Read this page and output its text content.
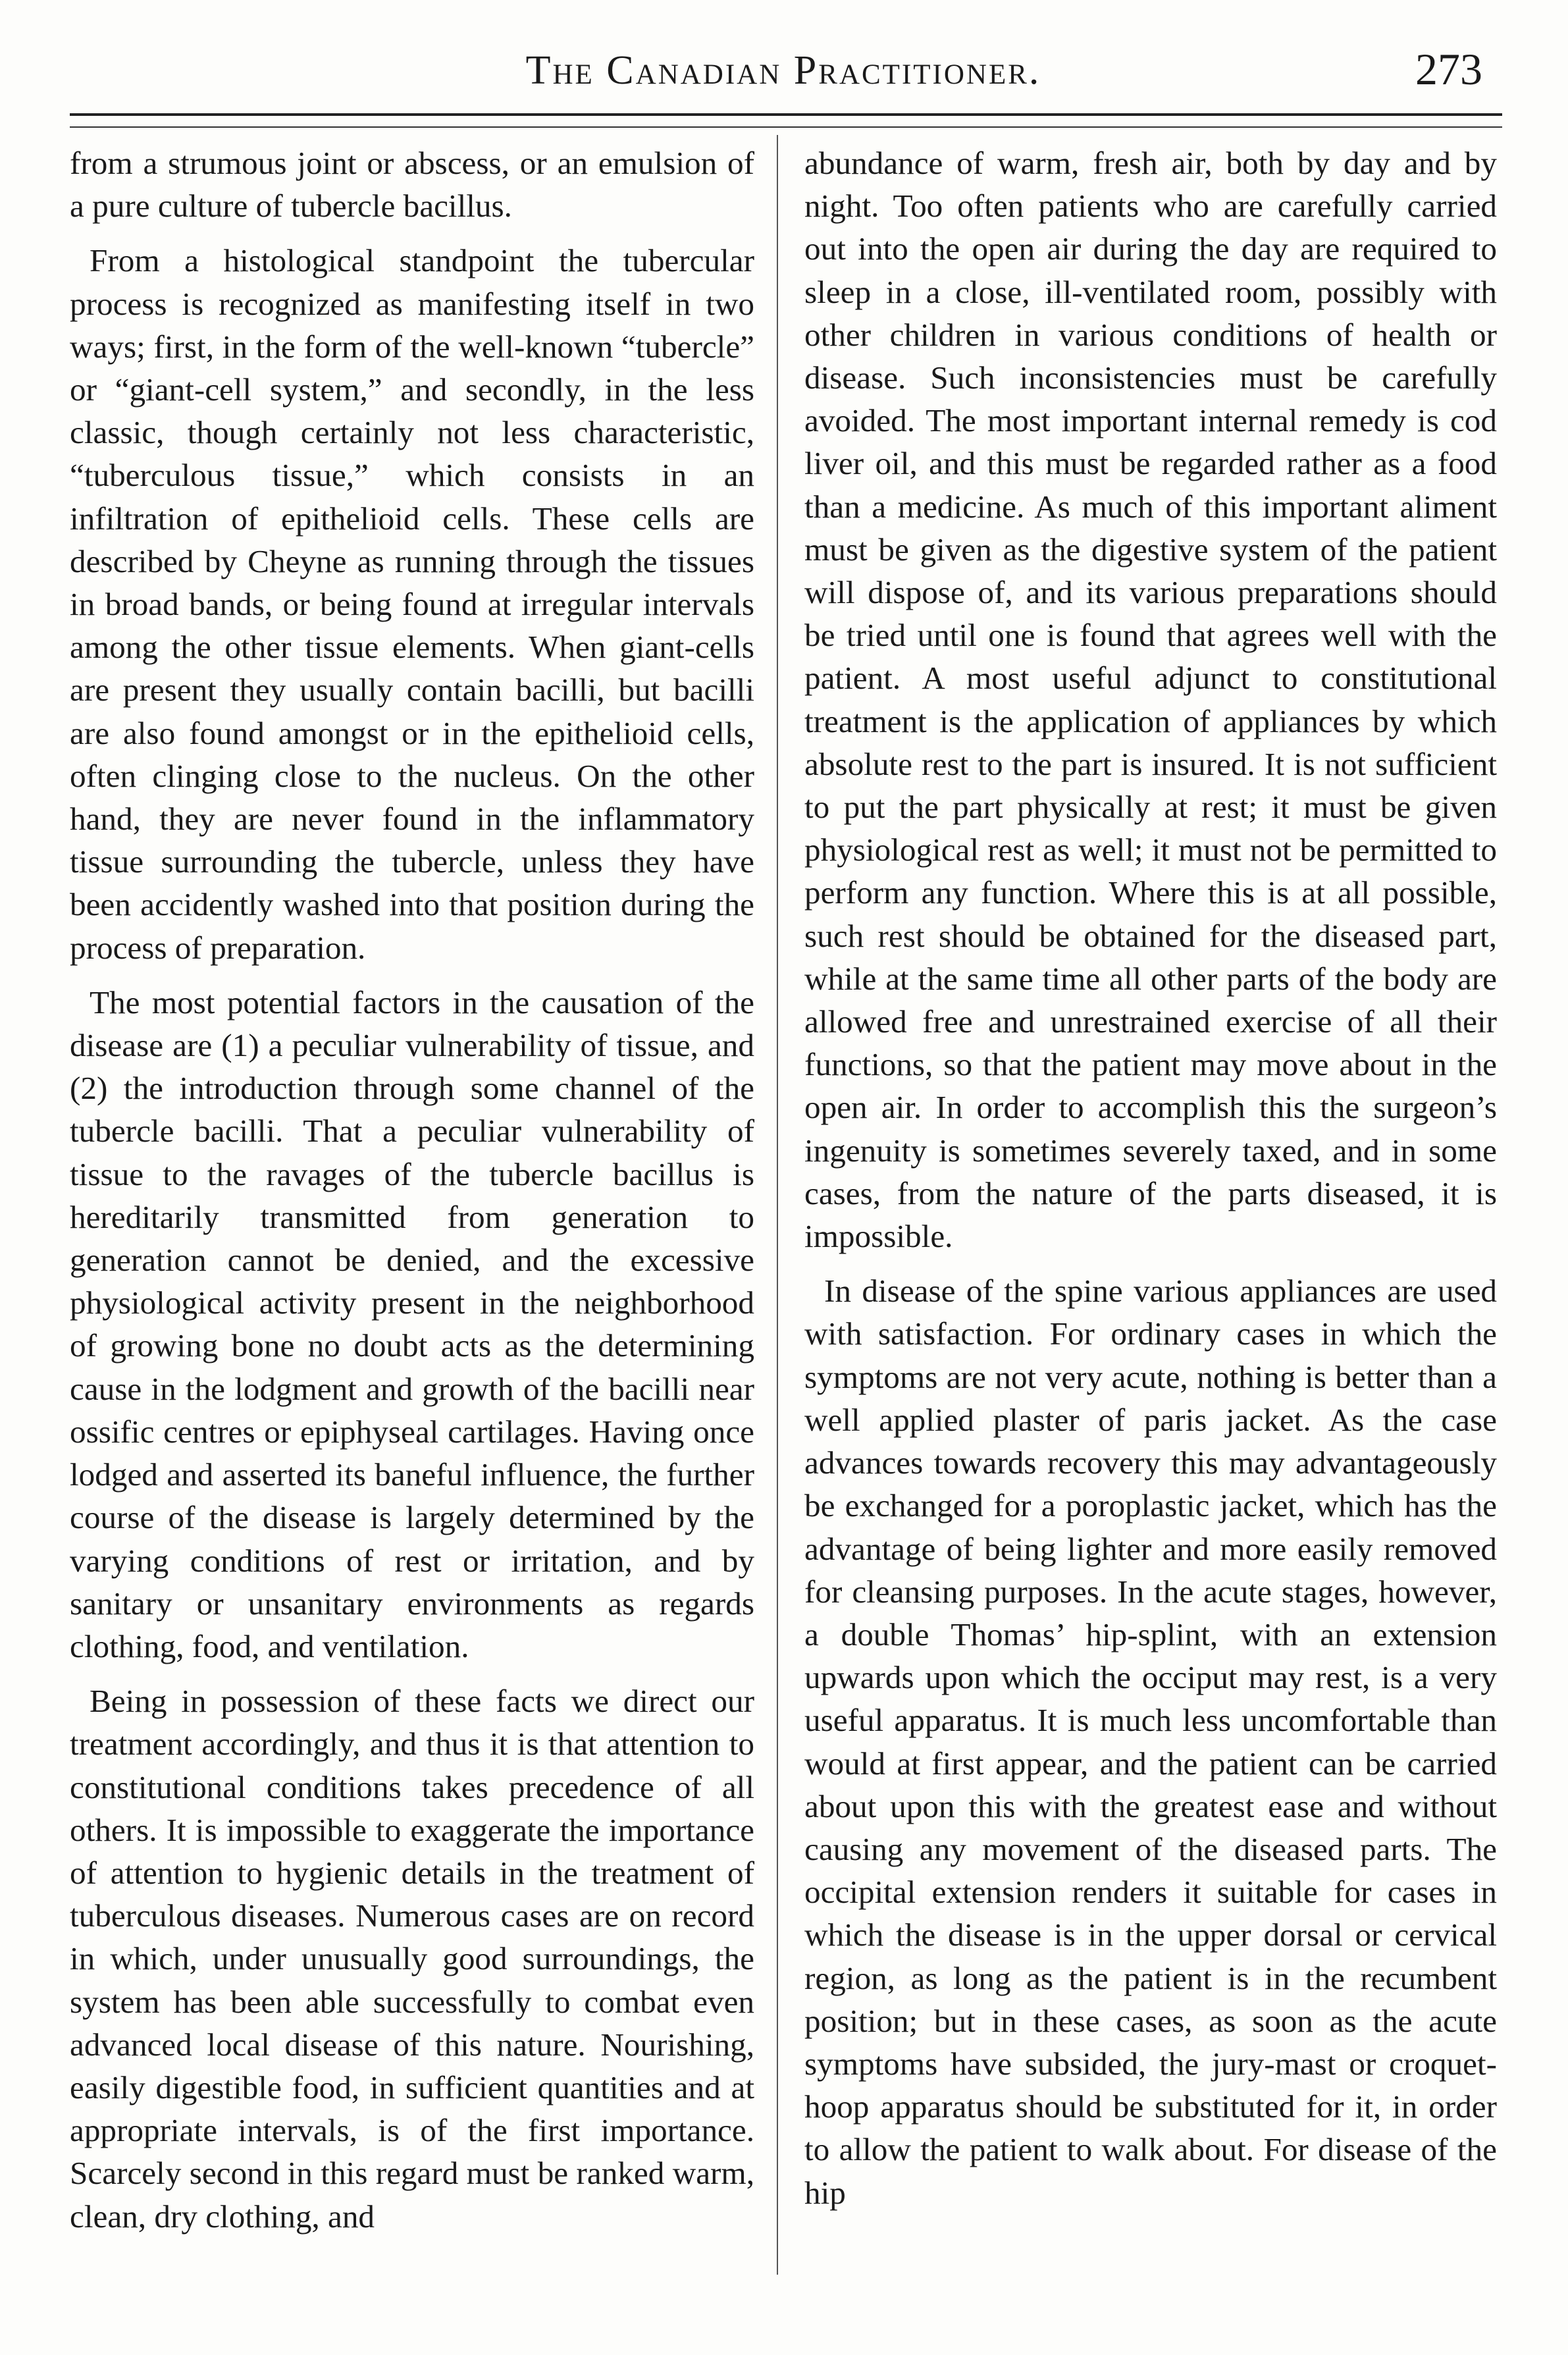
The Canadian Practitioner.	273

from a strumous joint or abscess, or an emulsion of a pure culture of tubercle bacillus.

From a histological standpoint the tubercular process is recognized as manifesting itself in two ways; first, in the form of the well-known “tubercle” or “giant-cell system,” and secondly, in the less classic, though certainly not less characteristic, “tuberculous tissue,” which consists in an infiltration of epithelioid cells. These cells are described by Cheyne as running through the tissues in broad bands, or being found at irregular intervals among the other tissue elements. When giant-cells are present they usually contain bacilli, but bacilli are also found amongst or in the epithelioid cells, often clinging close to the nucleus. On the other hand, they are never found in the inflammatory tissue surrounding the tubercle, unless they have been accidently washed into that position during the process of preparation.

The most potential factors in the causation of the disease are (1) a peculiar vulnerability of tissue, and (2) the introduction through some channel of the tubercle bacilli. That a peculiar vulnerability of tissue to the ravages of the tubercle bacillus is hereditarily transmitted from generation to generation cannot be denied, and the excessive physiological activity present in the neighborhood of growing bone no doubt acts as the determining cause in the lodgment and growth of the bacilli near ossific centres or epiphyseal cartilages. Having once lodged and asserted its baneful influence, the further course of the disease is largely determined by the varying conditions of rest or irritation, and by sanitary or unsanitary environments as regards clothing, food, and ventilation.

Being in possession of these facts we direct our treatment accordingly, and thus it is that attention to constitutional conditions takes precedence of all others. It is impossible to exaggerate the importance of attention to hygienic details in the treatment of tuberculous diseases. Numerous cases are on record in which, under unusually good surroundings, the system has been able successfully to combat even advanced local disease of this nature. Nourishing, easily digestible food, in sufficient quantities and at appropriate intervals, is of the first importance. Scarcely second in this regard must be ranked warm, clean, dry clothing, and

abundance of warm, fresh air, both by day and by night. Too often patients who are carefully carried out into the open air during the day are required to sleep in a close, ill-ventilated room, possibly with other children in various conditions of health or disease. Such inconsistencies must be carefully avoided. The most important internal remedy is cod liver oil, and this must be regarded rather as a food than a medicine. As much of this important aliment must be given as the digestive system of the patient will dispose of, and its various preparations should be tried until one is found that agrees well with the patient. A most useful adjunct to constitutional treatment is the application of appliances by which absolute rest to the part is insured. It is not sufficient to put the part physically at rest; it must be given physiological rest as well; it must not be permitted to perform any function. Where this is at all possible, such rest should be obtained for the diseased part, while at the same time all other parts of the body are allowed free and unrestrained exercise of all their functions, so that the patient may move about in the open air. In order to accomplish this the surgeon’s ingenuity is sometimes severely taxed, and in some cases, from the nature of the parts diseased, it is impossible.

In disease of the spine various appliances are used with satisfaction. For ordinary cases in which the symptoms are not very acute, nothing is better than a well applied plaster of paris jacket. As the case advances towards recovery this may advantageously be exchanged for a poroplastic jacket, which has the advantage of being lighter and more easily removed for cleansing purposes. In the acute stages, however, a double Thomas’ hip-splint, with an extension upwards upon which the occiput may rest, is a very useful apparatus. It is much less uncomfortable than would at first appear, and the patient can be carried about upon this with the greatest ease and without causing any movement of the diseased parts. The occipital extension renders it suitable for cases in which the disease is in the upper dorsal or cervical region, as long as the patient is in the recumbent position; but in these cases, as soon as the acute symptoms have subsided, the jury-mast or croquet-hoop apparatus should be substituted for it, in order to allow the patient to walk about. For disease of the hip
